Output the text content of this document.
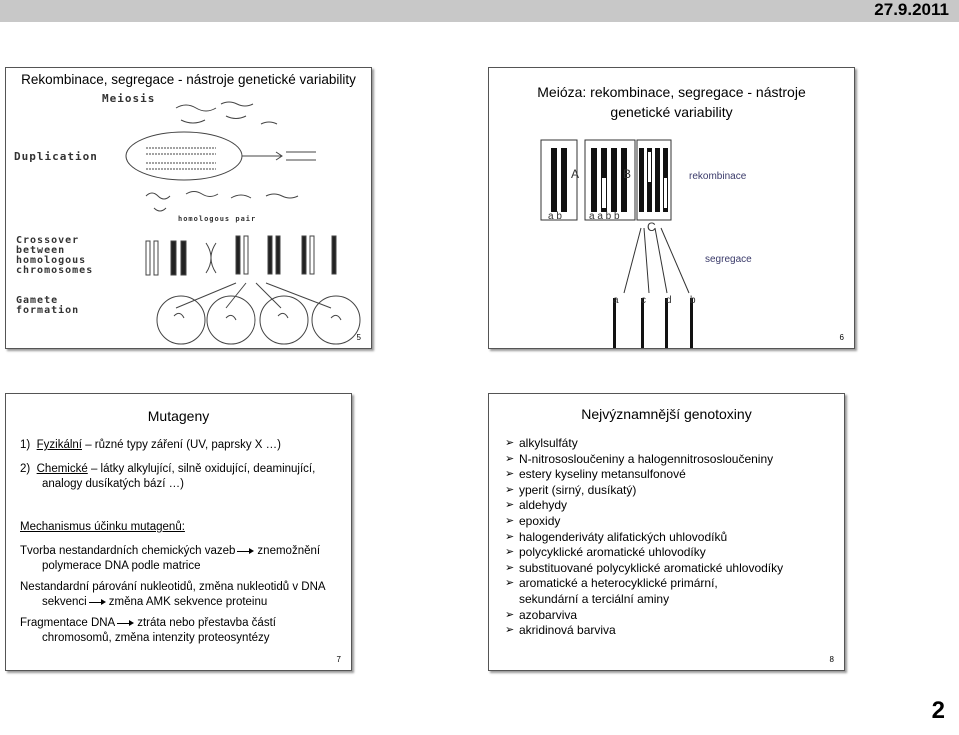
27.9.2011
Rekombinace, segregace - nástroje genetické variability
Meiosis
Duplication
homologous pair
Crossover
between
homologous
chromosomes
Gamete
formation
5
Meióza: rekombinace, segregace - nástroje
genetické variability
A	B
C
rekombinace
a b	a a b b
segregace
a c d b
6
Mutageny
1)  Fyzikální – různé typy záření (UV, paprsky X …)
2)  Chemické – látky alkylující, silně oxidující, deaminující,
analogy dusíkatých bází …)
Mechanismus účinku mutagenů:
Tvorba nestandardních chemických vazeb znemožnění
polymerace DNA podle matrice
Nestandardní párování nukleotidů, změna nukleotidů v DNA
sekvenci změna AMK sekvence proteinu
Fragmentace DNA ztráta nebo přestavba částí
chromosomů, změna intenzity proteosyntézy
7
Nejvýznamnější genotoxiny
➢ alkylsulfáty
➢ N-nitrososloučeniny a halogennitrososloučeniny
➢ estery kyseliny metansulfonové
➢ yperit (sirný, dusíkatý)
➢ aldehydy
➢ epoxidy
➢ halogenderiváty alifatických uhlovodíků
➢ polycyklické aromatické uhlovodíky
➢ substituované polycyklické aromatické uhlovodíky
➢ aromatické a heterocyklické primární,
sekundární a terciální aminy
➢ azobarviva
➢ akridinová barviva
8
2
